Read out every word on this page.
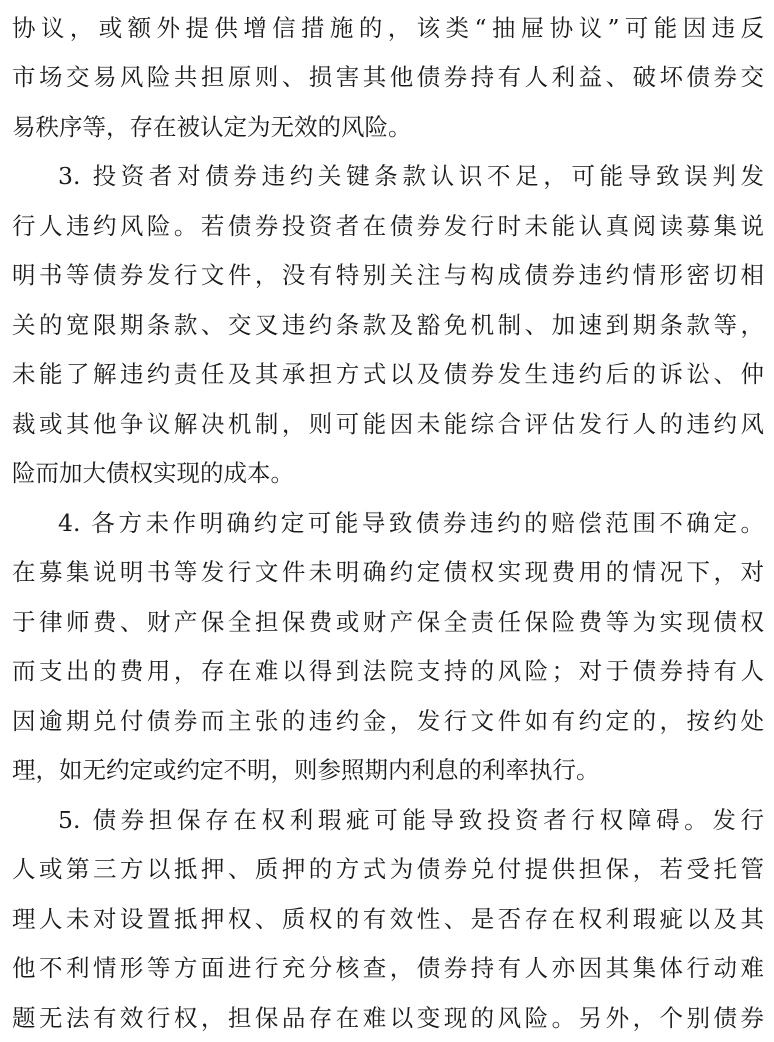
协议，或额外提供增信措施的，该类“抽屉协议”可能因违反
市场交易风险共担原则、损害其他债券持有人利益、破坏债券交
易秩序等，存在被认定为无效的风险。
3. 投资者对债券违约关键条款认识不足，可能导致误判发
行人违约风险。若债券投资者在债券发行时未能认真阅读募集说
明书等债券发行文件，没有特别关注与构成债券违约情形密切相
关的宽限期条款、交叉违约条款及豁免机制、加速到期条款等，
未能了解违约责任及其承担方式以及债券发生违约后的诉讼、仲
裁或其他争议解决机制，则可能因未能综合评估发行人的违约风
险而加大债权实现的成本。
4. 各方未作明确约定可能导致债券违约的赔偿范围不确定。
在募集说明书等发行文件未明确约定债权实现费用的情况下，对
于律师费、财产保全担保费或财产保全责任保险费等为实现债权
而支出的费用，存在难以得到法院支持的风险；对于债券持有人
因逾期兑付债券而主张的违约金，发行文件如有约定的，按约处
理，如无约定或约定不明，则参照期内利息的利率执行。
5. 债券担保存在权利瑕疵可能导致投资者行权障碍。发行
人或第三方以抵押、质押的方式为债券兑付提供担保，若受托管
理人未对设置抵押权、质权的有效性、是否存在权利瑕疵以及其
他不利情形等方面进行充分核查，债券持有人亦因其集体行动难
题无法有效行权，担保品存在难以变现的风险。另外，个别债券
